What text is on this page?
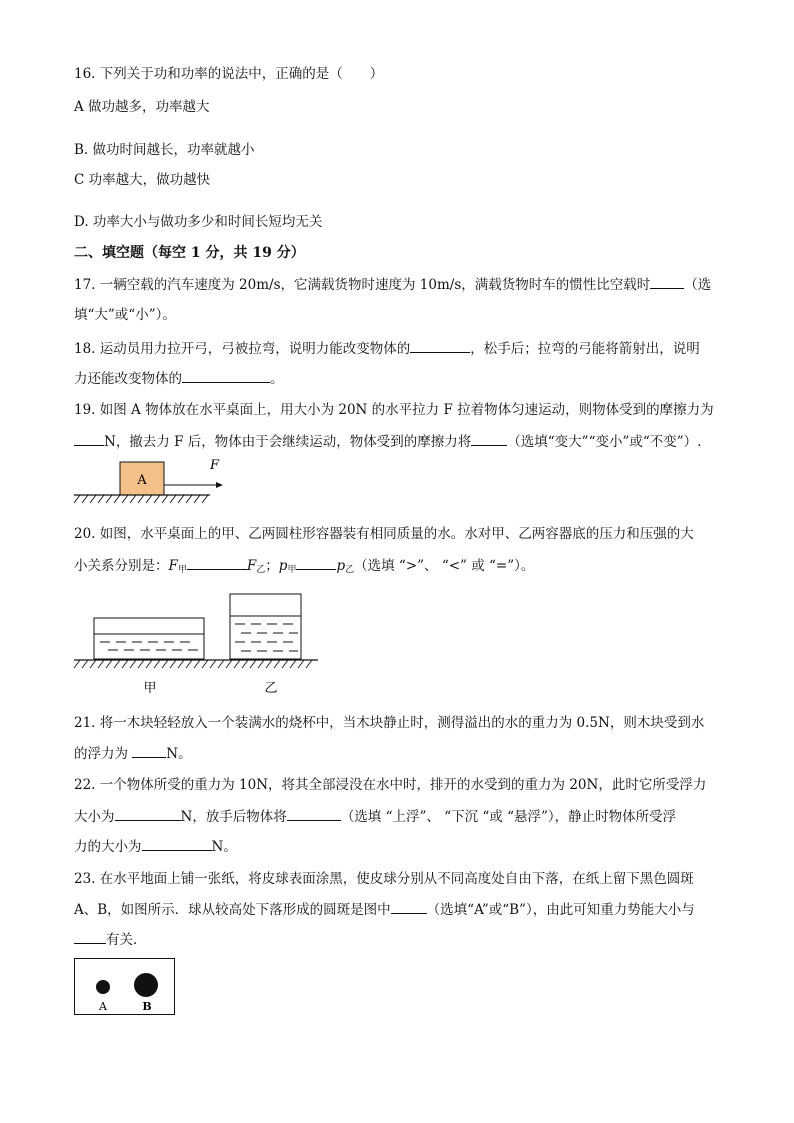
16. 下列关于功和功率的说法中，正确的是（　　）
A 做功越多，功率越大
B. 做功时间越长，功率就越小
C 功率越大，做功越快
D. 功率大小与做功多少和时间长短均无关
二、填空题（每空 1 分，共 19 分）
17. 一辆空载的汽车速度为 20m/s，它满载货物时速度为 10m/s，满载货物时车的惯性比空载时	（选
填“大”或“小”）。
18. 运动员用力拉开弓，弓被拉弯，说明力能改变物体的	，松手后；拉弯的弓能将箭射出，说明
力还能改变物体的	。
19. 如图 A 物体放在水平桌面上，用大小为 20N 的水平拉力 F 拉着物体匀速运动，则物体受到的摩擦力为
N，撤去力 F 后，物体由于会继续运动，物体受到的摩擦力将	（选填“变大”“变小”或“不变”）.
A
F
20. 如图，水平桌面上的甲、乙两圆柱形容器装有相同质量的水。水对甲、乙两容器底的压力和压强的大
小关系分别是：$F_甲$	$F_乙$；$p_甲$	$p_乙$（选填 “>”、 “<” 或 “=”）。
甲	乙
21. 将一木块轻轻放入一个装满水的烧杯中，当木块静止时，测得溢出的水的重力为 0.5N，则木块受到水
的浮力为	N。
22. 一个物体所受的重力为 10N，将其全部浸没在水中时，排开的水受到的重力为 20N，此时它所受浮力
大小为	N，放手后物体将	（选填 “上浮”、 “下沉 “或 “悬浮”），静止时物体所受浮
力的大小为	N。
23. 在水平地面上铺一张纸，将皮球表面涂黑，使皮球分别从不同高度处自由下落，在纸上留下黑色圆斑
A、B，如图所示．球从较高处下落形成的圆斑是图中	（选填“A”或“B”），由此可知重力势能大小与
有关．
A	B
